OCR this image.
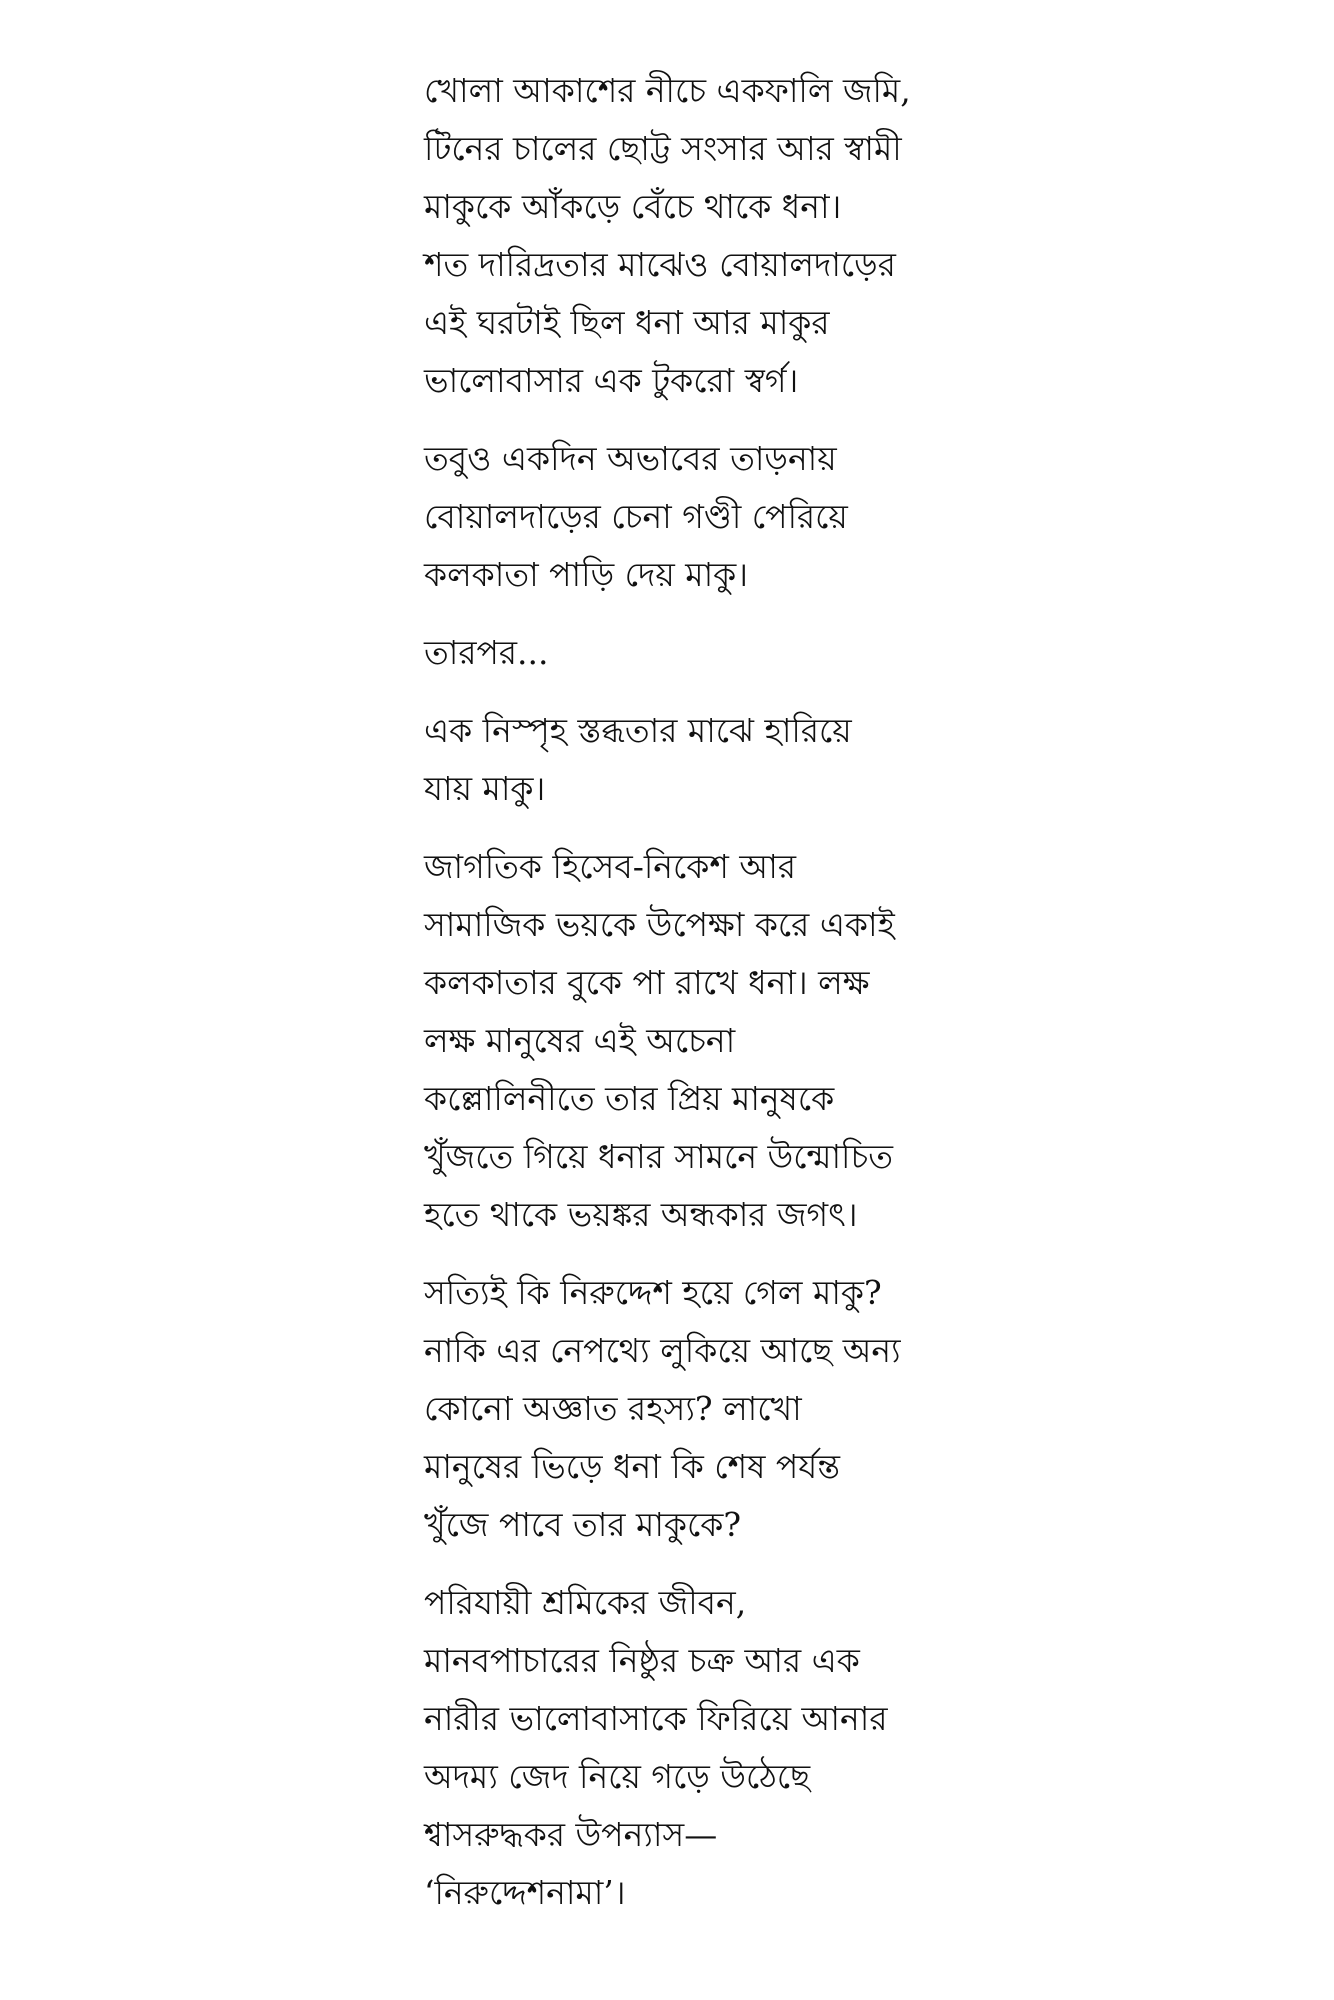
খোলা আকাশের নীচে একফালি জমি,
টিনের চালের ছোট্ট সংসার আর স্বামী
মাকুকে আঁকড়ে বেঁচে থাকে ধনা।
শত দারিদ্রতার মাঝেও বোয়ালদাড়ের
এই ঘরটাই ছিল ধনা আর মাকুর
ভালোবাসার এক টুকরো স্বর্গ।
তবুও একদিন অভাবের তাড়নায়
বোয়ালদাড়ের চেনা গণ্ডী পেরিয়ে
কলকাতা পাড়ি দেয় মাকু।
তারপর...
এক নিস্পৃহ স্তব্ধতার মাঝে হারিয়ে
যায় মাকু।
জাগতিক হিসেব-নিকেশ আর
সামাজিক ভয়কে উপেক্ষা করে একাই
কলকাতার বুকে পা রাখে ধনা। লক্ষ
লক্ষ মানুষের এই অচেনা
কল্লোলিনীতে তার প্রিয় মানুষকে
খুঁজতে গিয়ে ধনার সামনে উন্মোচিত
হতে থাকে ভয়ঙ্কর অন্ধকার জগৎ।
সত্যিই কি নিরুদ্দেশ হয়ে গেল মাকু?
নাকি এর নেপথ্যে লুকিয়ে আছে অন্য
কোনো অজ্ঞাত রহস্য? লাখো
মানুষের ভিড়ে ধনা কি শেষ পর্যন্ত
খুঁজে পাবে তার মাকুকে?
পরিযায়ী শ্রমিকের জীবন,
মানবপাচারের নিষ্ঠুর চক্র আর এক
নারীর ভালোবাসাকে ফিরিয়ে আনার
অদম্য জেদ নিয়ে গড়ে উঠেছে
শ্বাসরুদ্ধকর উপন্যাস—
‘নিরুদ্দেশনামা’।
